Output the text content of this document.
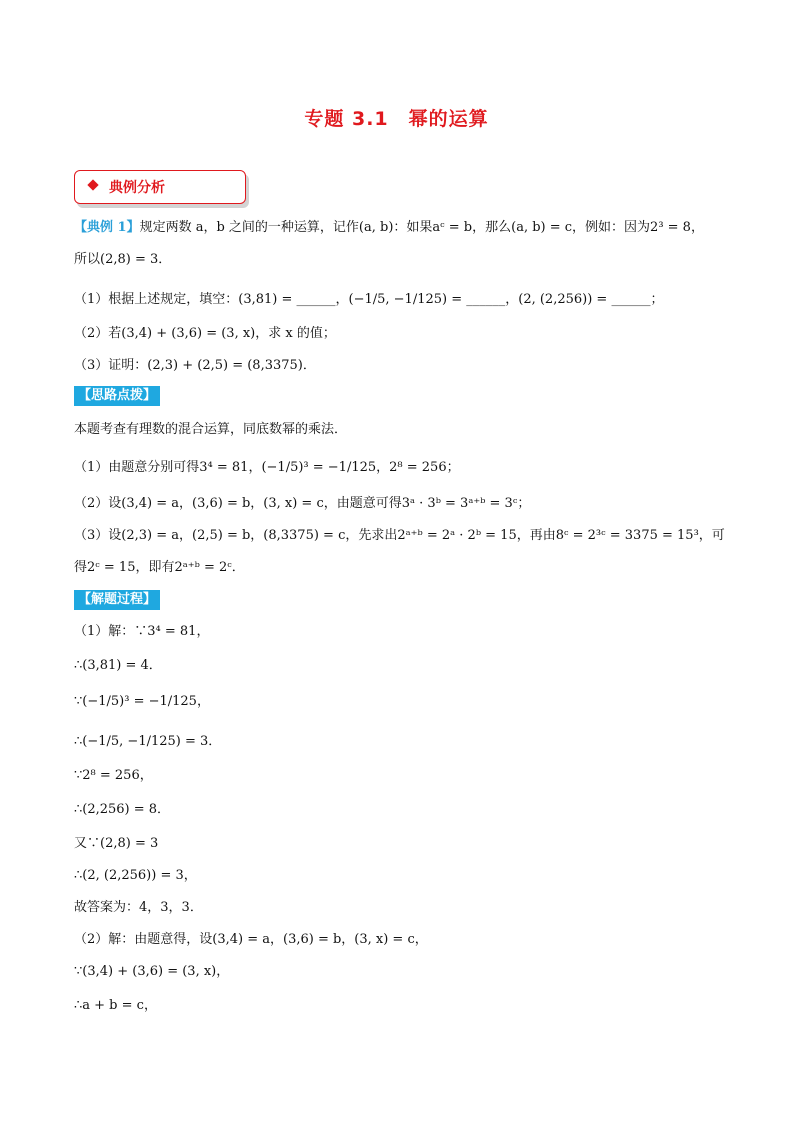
专题 3.1　幂的运算
典例分析
【典例 1】规定两数 a，b 之间的一种运算，记作(a, b)：如果aᶜ = b，那么(a, b) = c，例如：因为2³ = 8，
所以(2,8) = 3．
（1）根据上述规定，填空：(3,81) = ______，(−1/5, −1/125) = ______，(2, (2,256)) = ______；
（2）若(3,4) + (3,6) = (3, x)，求 x 的值；
（3）证明：(2,3) + (2,5) = (8,3375)．
【思路点拨】
本题考查有理数的混合运算，同底数幂的乘法．
（1）由题意分别可得3⁴ = 81，(−1/5)³ = −1/125，2⁸ = 256；
（2）设(3,4) = a，(3,6) = b，(3, x) = c，由题意可得3ᵃ · 3ᵇ = 3ᵃ⁺ᵇ = 3ᶜ；
（3）设(2,3) = a，(2,5) = b，(8,3375) = c，先求出2ᵃ⁺ᵇ = 2ᵃ · 2ᵇ = 15，再由8ᶜ = 2³ᶜ = 3375 = 15³，可
得2ᶜ = 15，即有2ᵃ⁺ᵇ = 2ᶜ．
【解题过程】
（1）解：∵3⁴ = 81，
∴(3,81) = 4．
∵(−1/5)³ = −1/125，
∴(−1/5, −1/125) = 3．
∵2⁸ = 256，
∴(2,256) = 8．
又∵(2,8) = 3
∴(2, (2,256)) = 3，
故答案为：4，3，3．
（2）解：由题意得，设(3,4) = a，(3,6) = b，(3, x) = c，
∵(3,4) + (3,6) = (3, x)，
∴a + b = c，
